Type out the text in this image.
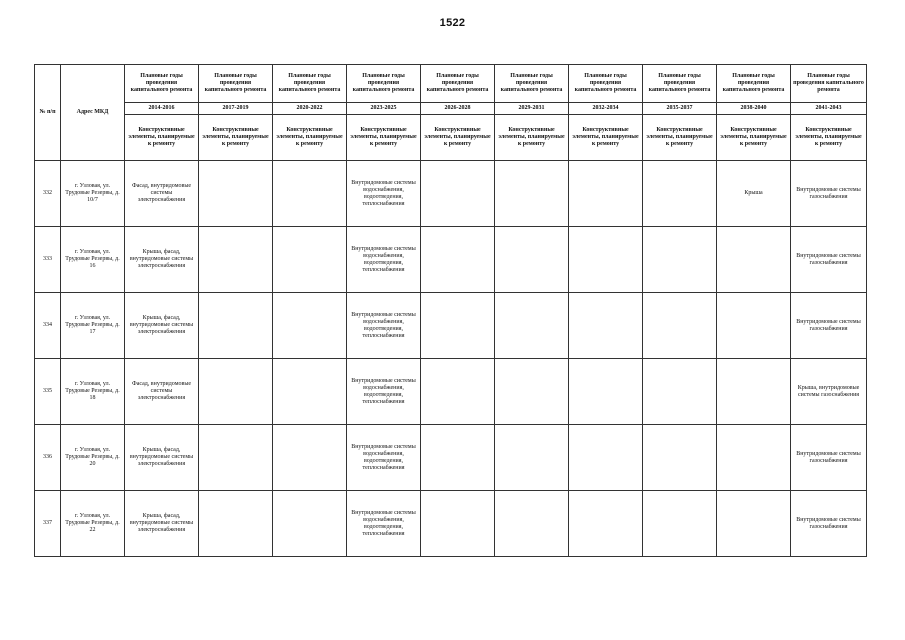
1522
№ п/п	Адрес МКД	Плановые годы проведения капитального ремонта	Плановые годы проведения капитального ремонта	Плановые годы проведения капитального ремонта	Плановые годы проведения капитального ремонта	Плановые годы проведения капитального ремонта	Плановые годы проведения капитального ремонта	Плановые годы проведения капитального ремонта	Плановые годы проведения капитального ремонта	Плановые годы проведения капитального ремонта	Плановые годы проведения капитального ремонта
		2014-2016	2017-2019	2020-2022	2023-2025	2026-2028	2029-2031	2032-2034	2035-2037	2038-2040	2041-2043
		Конструктивные элементы, планируемые к ремонту	Конструктивные элементы, планируемые к ремонту	Конструктивные элементы, планируемые к ремонту	Конструктивные элементы, планируемые к ремонту	Конструктивные элементы, планируемые к ремонту	Конструктивные элементы, планируемые к ремонту	Конструктивные элементы, планируемые к ремонту	Конструктивные элементы, планируемые к ремонту	Конструктивные элементы, планируемые к ремонту	Конструктивные элементы, планируемые к ремонту
332	г. Узловая, ул. Трудовые Резервы, д. 10/7	Фасад, внутридомовые системы электроснабжения			Внутридомовые системы водоснабжения, водоотведения, теплоснабжения					Крыша	Внутридомовые системы газоснабжения
333	г. Узловая, ул. Трудовые Резервы, д. 16	Крыша, фасад, внутридомовые системы электроснабжения			Внутридомовые системы водоснабжения, водоотведения, теплоснабжения						Внутридомовые системы газоснабжения
334	г. Узловая, ул. Трудовые Резервы, д. 17	Крыша, фасад, внутридомовые системы электроснабжения			Внутридомовые системы водоснабжения, водоотведения, теплоснабжения						Внутридомовые системы газоснабжения
335	г. Узловая, ул. Трудовые Резервы, д. 18	Фасад, внутридомовые системы электроснабжения			Внутридомовые системы водоснабжения, водоотведения, теплоснабжения						Крыша, внутридомовые системы газоснабжения
336	г. Узловая, ул. Трудовые Резервы, д. 20	Крыша, фасад, внутридомовые системы электроснабжения			Внутридомовые системы водоснабжения, водоотведения, теплоснабжения						Внутридомовые системы газоснабжения
337	г. Узловая, ул. Трудовые Резервы, д. 22	Крыша, фасад, внутридомовые системы электроснабжения			Внутридомовые системы водоснабжения, водоотведения, теплоснабжения						Внутридомовые системы газоснабжения
